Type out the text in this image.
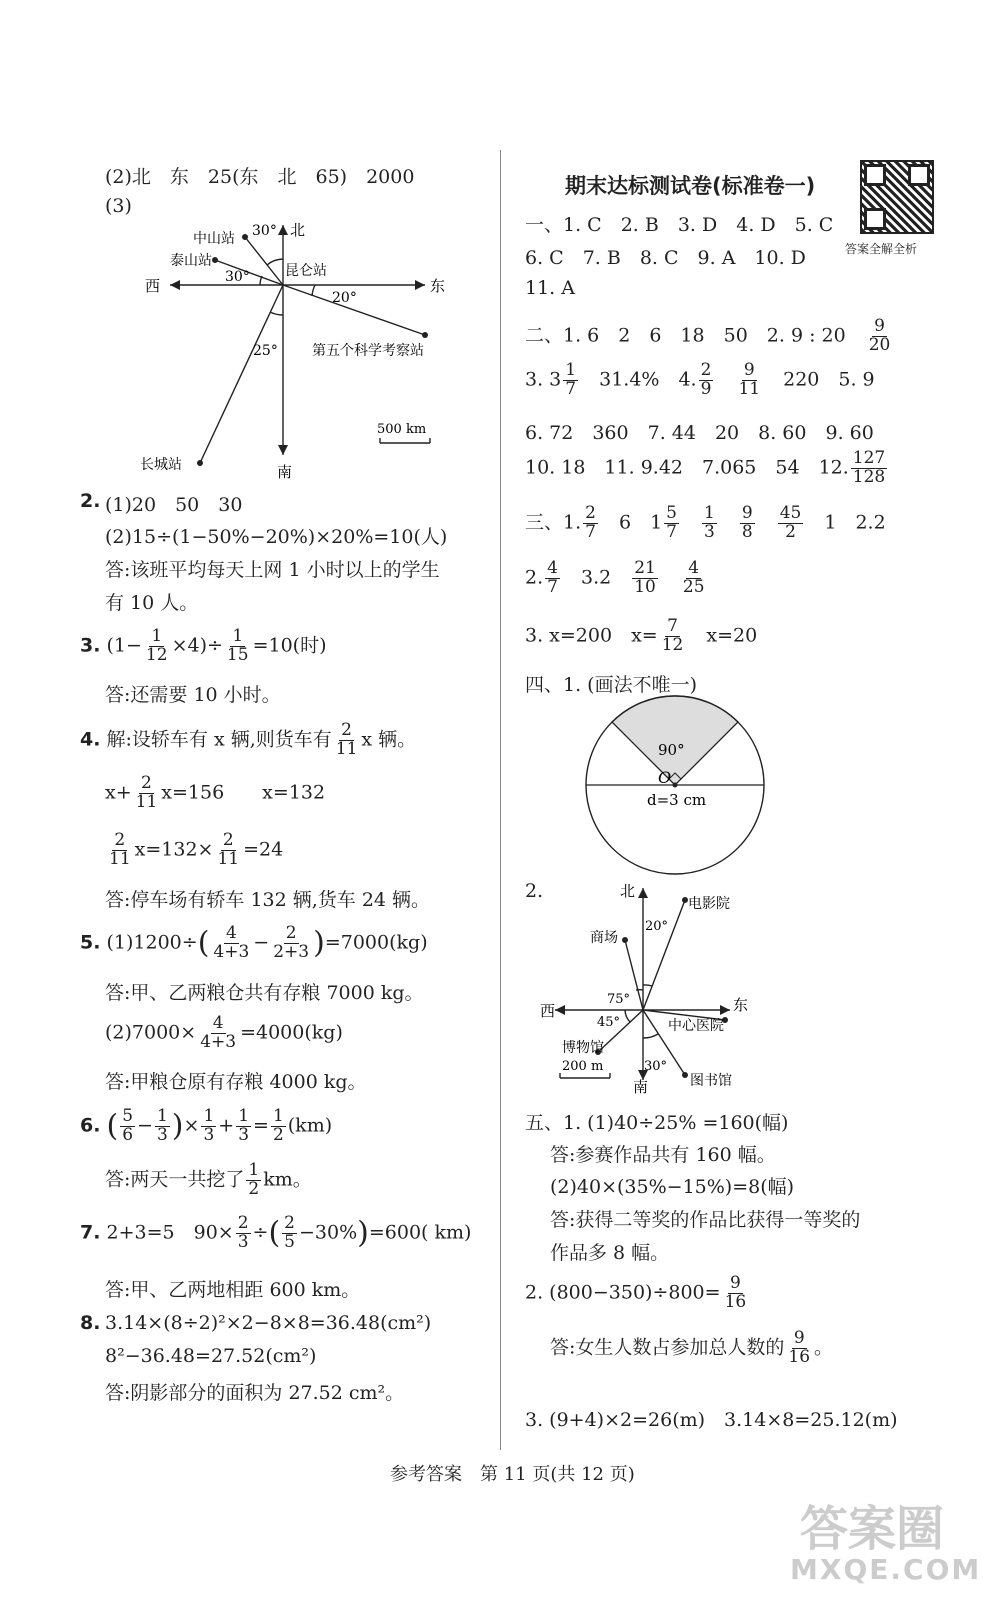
(2)北　东　25(东　北　65)　2000
(3)
北
西	东
南
30°
30°
20°
25°
中山站
泰山站
昆仑站
第五个科学考察站
长城站
500 km
2. (1)20　50　30
(2)15÷(1−50%−20%)×20%=10(人)
答:该班平均每天上网 1 小时以上的学生
有 10 人。
3. $(1- \frac{1}{12} \times 4)\div \frac{1}{15} =10$(时)
答:还需要 10 小时。
4. 解:设轿车有 x 辆,则货车有 $\frac{2}{11}$ x 辆。
$x+ \frac{2}{11} x=156$　　x=132
$\frac{2}{11} x=132\times \frac{2}{11} =24$
答:停车场有轿车 132 辆,货车 24 辆。
5. $(1)1200\div( \frac{4}{4+3} - \frac{2}{2+3} )=7000(kg)$
答:甲、乙两粮仓共有存粮 7000 kg。
$(2)7000\times \frac{4}{4+3} =4000(kg)$
答:甲粮仓原有存粮 4000 kg。
6. ( $\frac{5}{6} - \frac{1}{3}$ )× $\frac{1}{3} + \frac{1}{3} = \frac{1}{2} (km)$
答:两天一共挖了 $\frac{1}{2}$ km。
7. 2+3=5　$90\times \frac{2}{3}$ ÷( $\frac{2}{5} -30\%)=600$( km)
答:甲、乙两地相距 600 km。
8. 3.14×(8÷2)²×2−8×8=36.48(cm²)
8²−36.48=27.52(cm²)
答:阴影部分的面积为 27.52 cm²。
期末达标测试卷(标准卷一)
答案全解全析
一、1. C　2. B　3. D　4. D　5. C
6. C　7. B　8. C　9. A　10. D
11. A
二、1. 6　2　6　18　50　2. 9 : 20　 $\frac{9}{20}$
3. $3 \frac{1}{7}$
　 31.4%　4. $\frac{2}{9}$
　 $\frac{9}{11}$
　 220　5. 9
6. 72　360　7. 44　20　8. 60　9. 60
10. 18　11. 9.42　7.065　54　12. $\frac{127}{128}$
三、1. $\frac{2}{7}$
　 6　$1 \frac{5}{7}$
　 $\frac{1}{3}$
　 $\frac{9}{8}$
　 $\frac{45}{2}$
　 1　2.2
2. $\frac{4}{7}$
　 3.2　 $\frac{21}{10}$
　 $\frac{4}{25}$
3. x=200　$x= \frac{7}{12}$
　 x=20
四、1. (画法不唯一)
90°
O
d=3 cm
2.	北
西	东
南
20°
75°
45°
30°
电影院
商场
中心医院
博物馆
图书馆
200 m
五、1. (1)40÷25% =160(幅)
答:参赛作品共有 160 幅。
(2)40×(35%−15%)=8(幅)
答:获得二等奖的作品比获得一等奖的
作品多 8 幅。
2. $(800-350)\div 800= \frac{9}{16}$
答:女生人数占参加总人数的 $\frac{9}{16}$ 。
3. (9+4)×2=26(m)　3.14×8=25.12(m)
参考答案　第 11 页(共 12 页)
答案圈
MXQE.COM
